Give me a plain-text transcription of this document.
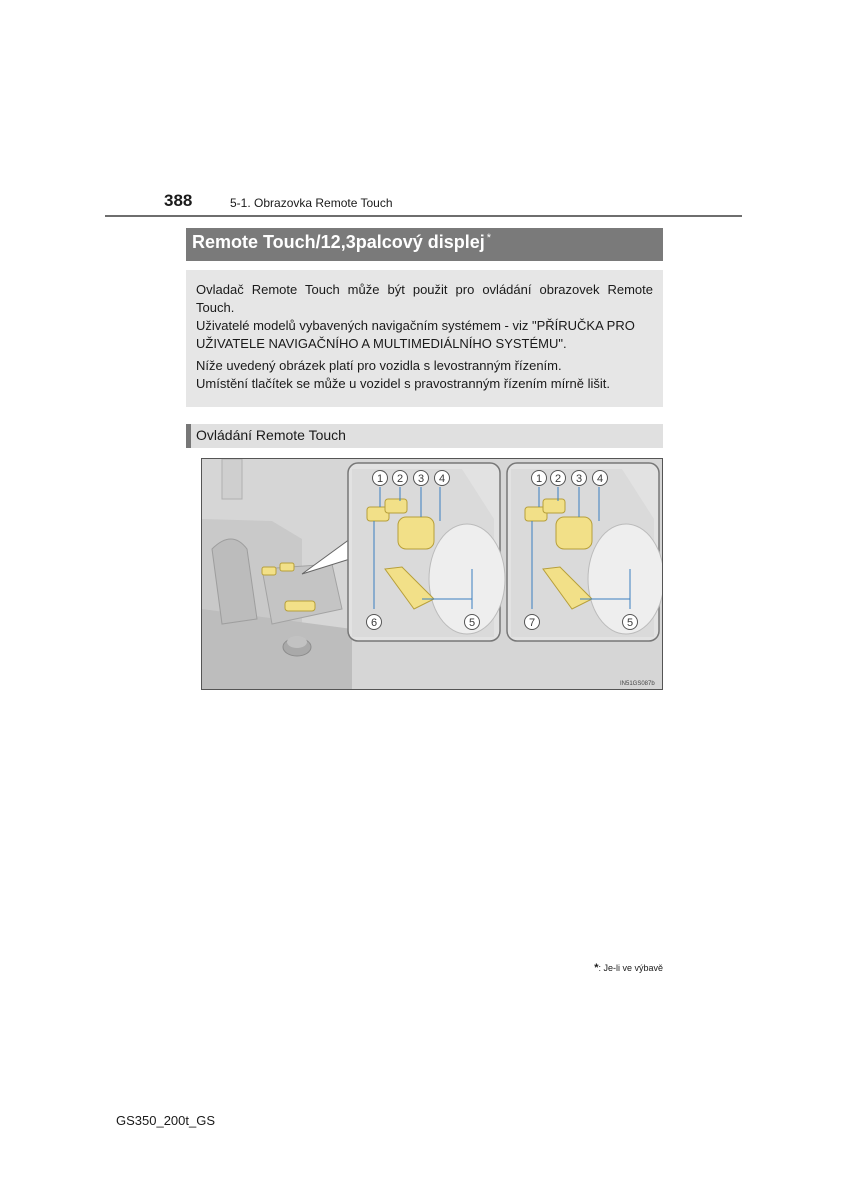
388	5-1. Obrazovka Remote Touch
Remote Touch/12,3palcový displej *

Ovladač Remote Touch může být použit pro ovládání obrazovek Remote Touch.

Uživatelé modelů vybavených navigačním systémem - viz "PŘÍRUČKA PRO UŽIVATELE NAVIGAČNÍHO A MULTIMEDIÁLNÍHO SYSTÉMU".

Níže uvedený obrázek platí pro vozidla s levostranným řízením.

Umístění tlačítek se může u vozidel s pravostranným řízením mírně lišit.

Ovládání Remote Touch
1 2 3 4
6	5
1 2 3 4
7	5
IN51GS087b
*: Je-li ve výbavě
GS350_200t_GS
